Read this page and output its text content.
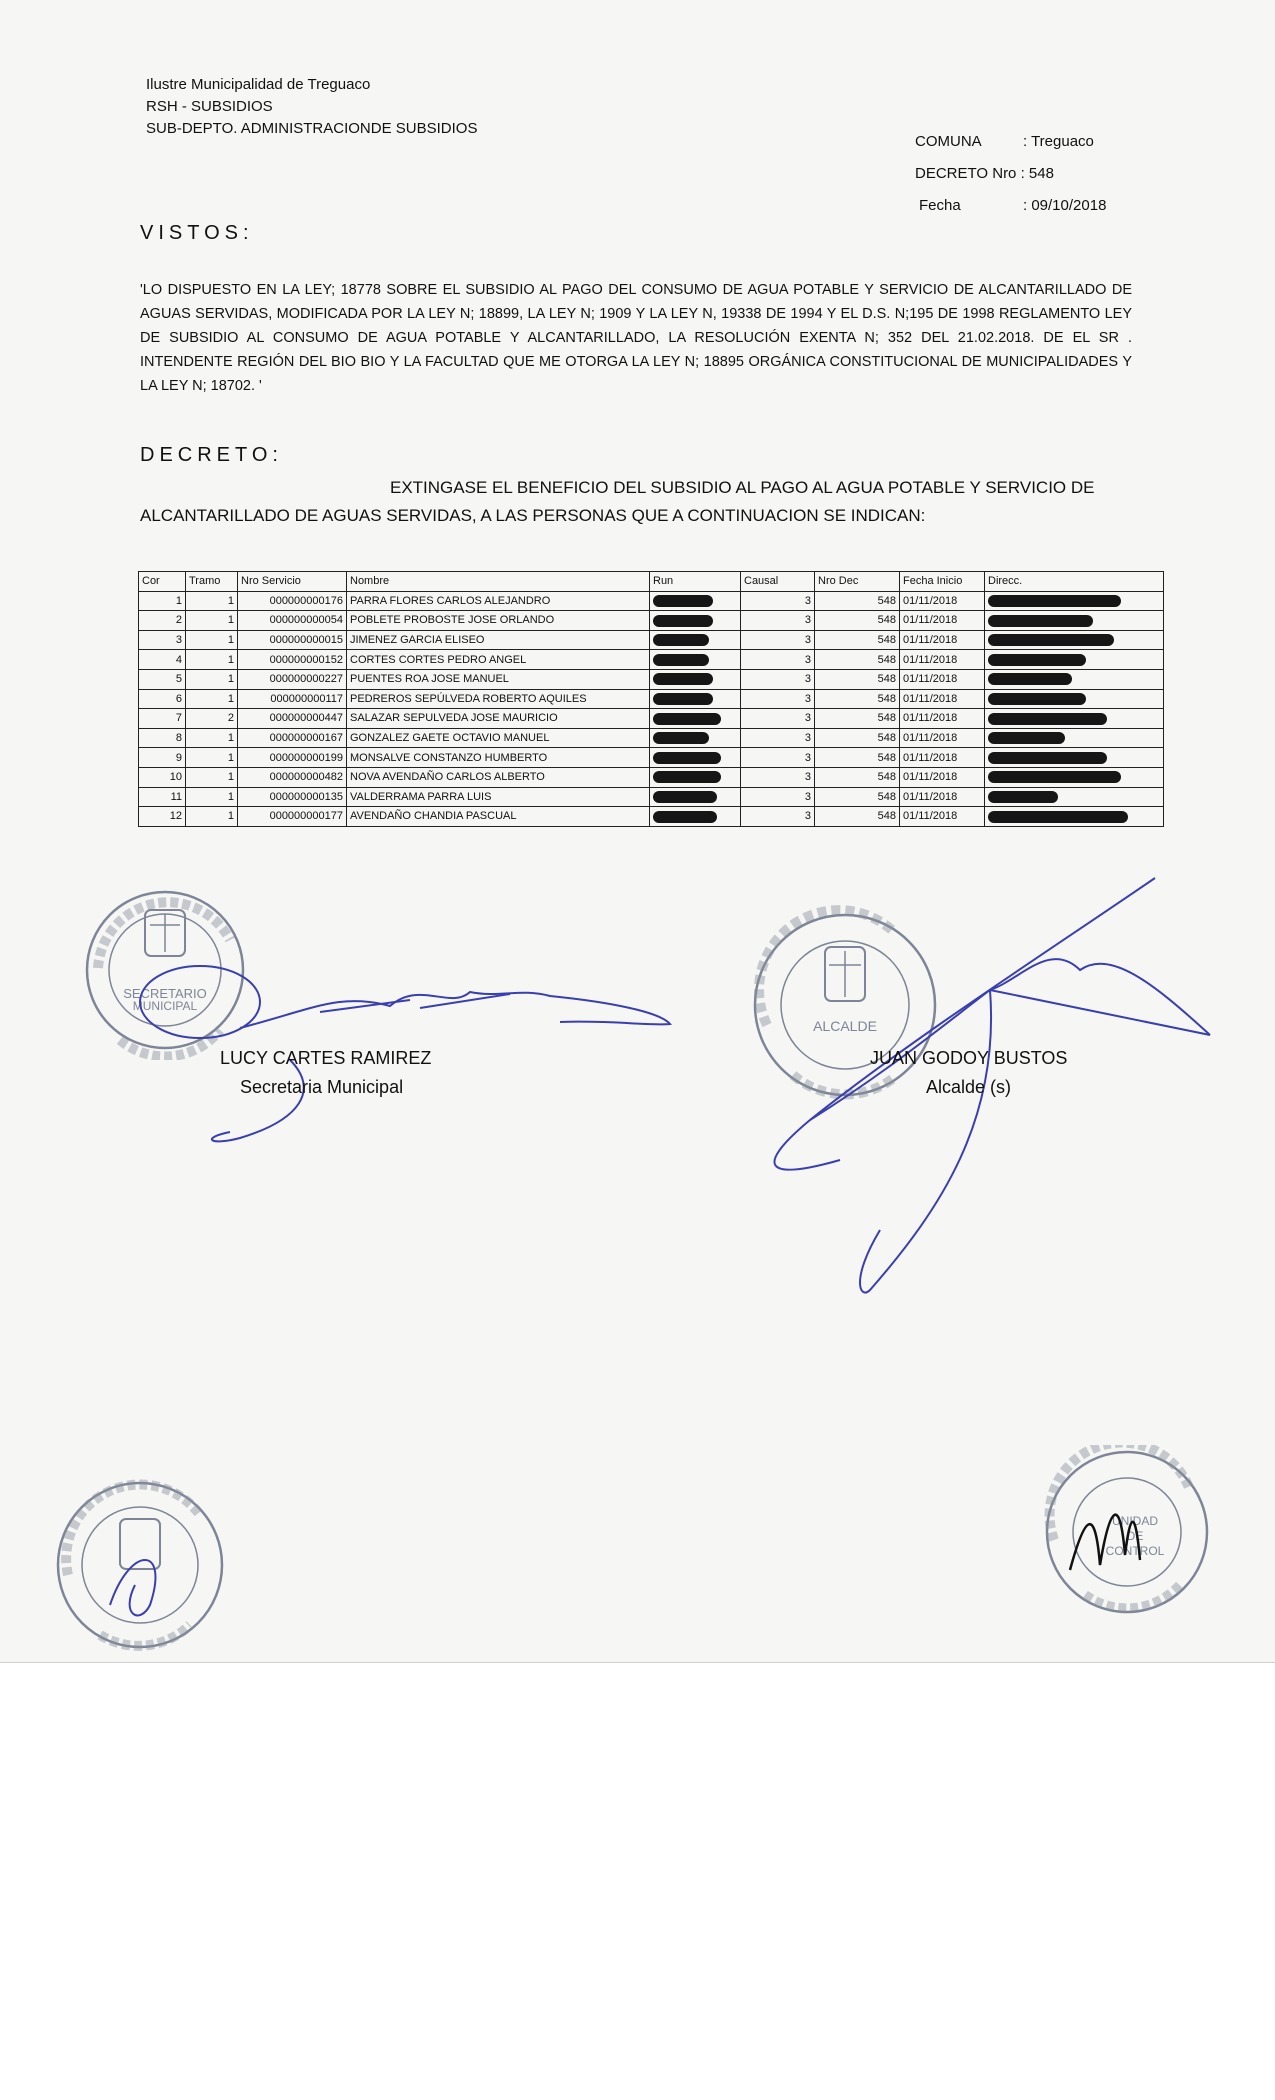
Ilustre Municipalidad de Treguaco
RSH - SUBSIDIOS
SUB-DEPTO. ADMINISTRACIONDE SUBSIDIOS
COMUNA	: Treguaco
DECRETO Nro
: 548
Fecha	: 09/10/2018
VISTOS:
'LO DISPUESTO EN LA LEY; 18778 SOBRE EL SUBSIDIO AL PAGO DEL CONSUMO DE AGUA POTABLE Y SERVICIO DE ALCANTARILLADO DE AGUAS SERVIDAS, MODIFICADA POR LA LEY N; 18899, LA LEY N; 1909 Y LA LEY N, 19338 DE 1994 Y EL D.S. N;195 DE 1998 REGLAMENTO LEY DE SUBSIDIO AL CONSUMO DE AGUA POTABLE Y ALCANTARILLADO, LA RESOLUCIÓN EXENTA N; 352 DEL 21.02.2018. DE EL SR . INTENDENTE REGIÓN DEL BIO BIO Y LA FACULTAD QUE ME OTORGA LA LEY N; 18895 ORGÁNICA CONSTITUCIONAL DE MUNICIPALIDADES Y LA LEY N; 18702. '
DECRETO:
EXTINGASE EL BENEFICIO DEL SUBSIDIO AL PAGO AL AGUA POTABLE Y SERVICIO DE ALCANTARILLADO DE AGUAS SERVIDAS, A LAS PERSONAS QUE A CONTINUACION SE INDICAN:
Cor	Tramo	Nro Servicio	Nombre	Run	Causal	Nro Dec	Fecha Inicio	Direcc.
1	1	000000000176	PARRA FLORES CARLOS ALEJANDRO		3	548	01/11/2018	
2	1	000000000054	POBLETE PROBOSTE JOSE ORLANDO		3	548	01/11/2018	
3	1	000000000015	JIMENEZ GARCIA ELISEO		3	548	01/11/2018	
4	1	000000000152	CORTES CORTES PEDRO ANGEL		3	548	01/11/2018	
5	1	000000000227	PUENTES ROA JOSE MANUEL		3	548	01/11/2018	
6	1	000000000117	PEDREROS SEPÚLVEDA ROBERTO AQUILES		3	548	01/11/2018	
7	2	000000000447	SALAZAR SEPULVEDA JOSE MAURICIO		3	548	01/11/2018	
8	1	000000000167	GONZALEZ GAETE OCTAVIO MANUEL		3	548	01/11/2018	
9	1	000000000199	MONSALVE CONSTANZO HUMBERTO		3	548	01/11/2018	
10	1	000000000482	NOVA AVENDAÑO CARLOS ALBERTO		3	548	01/11/2018	
11	1	000000000135	VALDERRAMA PARRA LUIS		3	548	01/11/2018	
12	1	000000000177	AVENDAÑO CHANDIA PASCUAL		3	548	01/11/2018	
SECRETARIO
MUNICIPAL
ALCALDE
LUCY CARTES RAMIREZ
Secretaria Municipal
JUAN GODOY BUSTOS
Alcalde (s)
UNIDAD
DE
CONTROL
